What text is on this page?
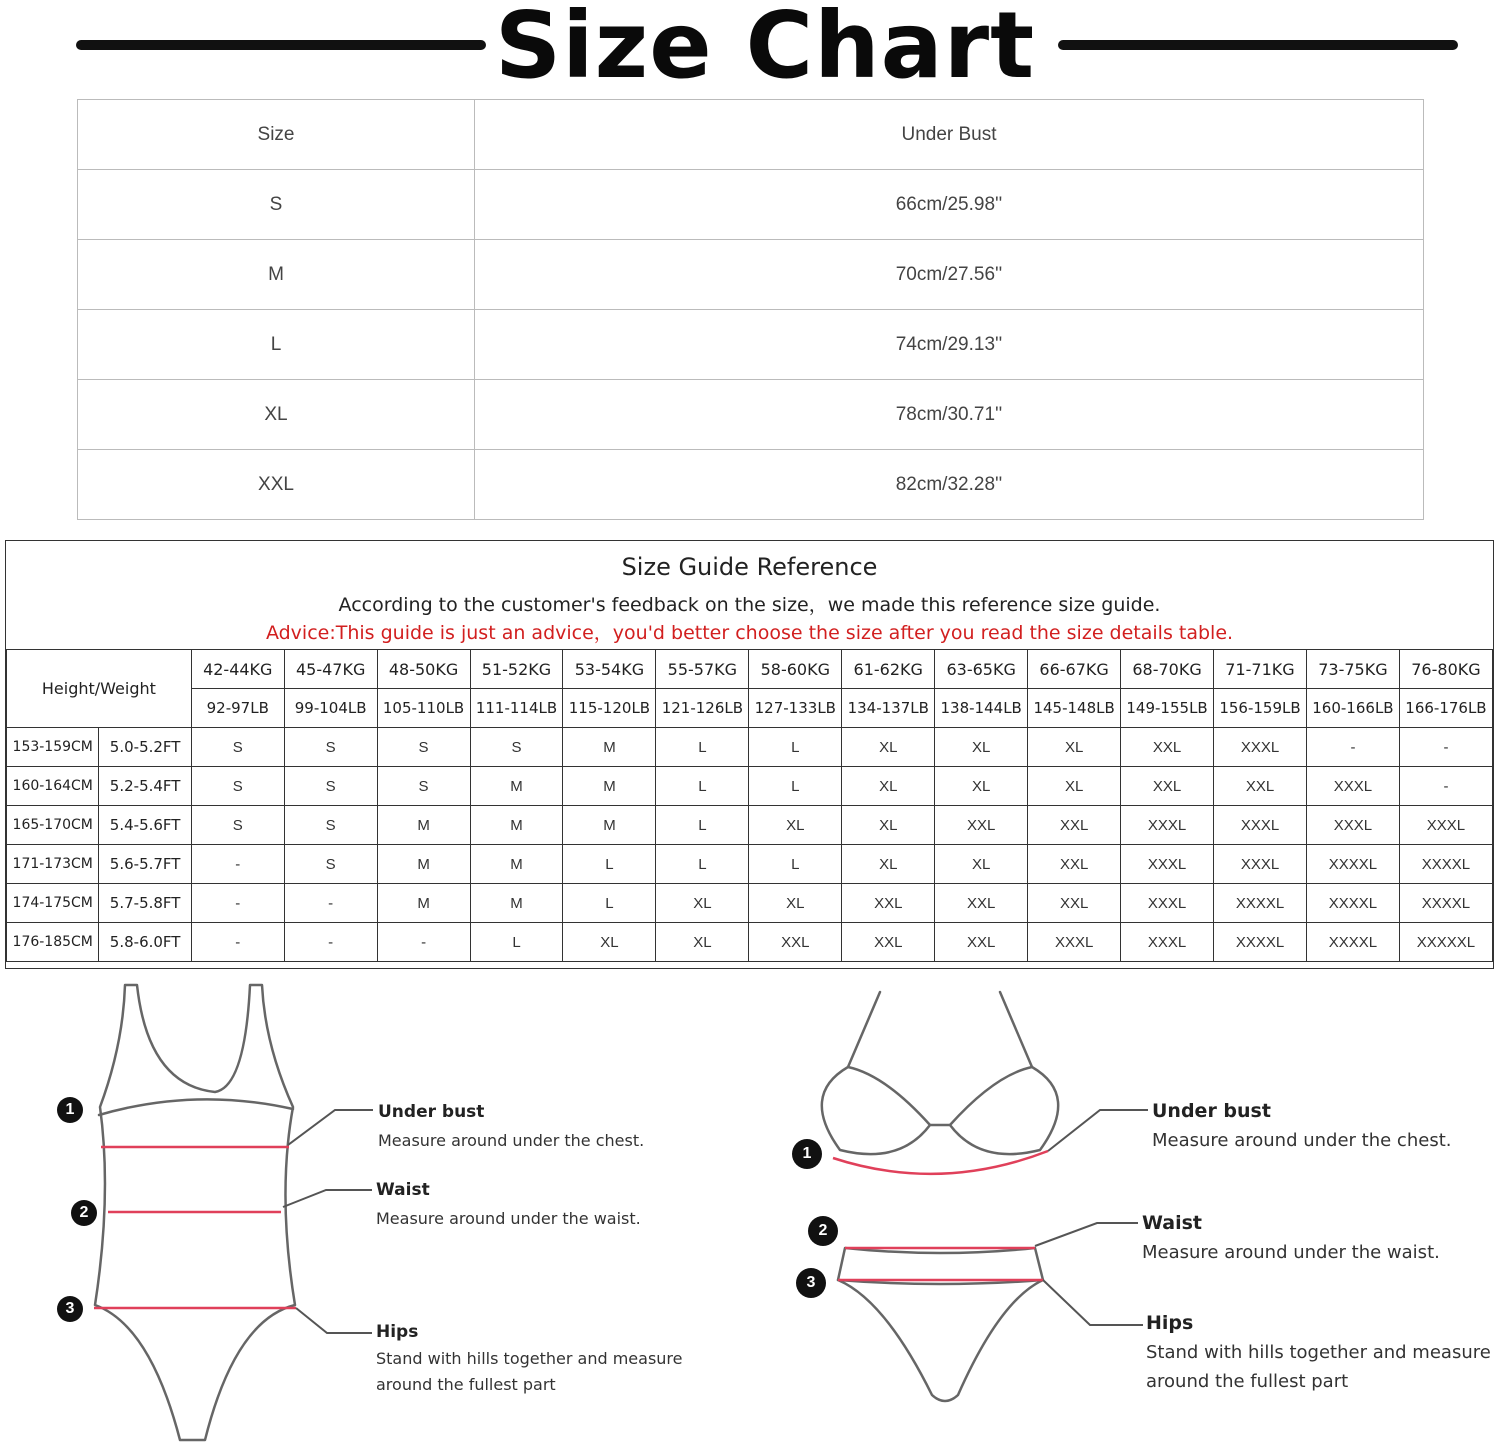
Size Chart
Size	Under Bust
S	66cm/25.98''
M	70cm/27.56''
L	74cm/29.13''
XL	78cm/30.71''
XXL	82cm/32.28''
Size Guide Reference
According to the customer's feedback on the size，we made this reference size guide.
Advice:This guide is just an advice，you'd better choose the size after you read the size details table.
Height/Weight		42-44KG	45-47KG	48-50KG	51-52KG	53-54KG	55-57KG	58-60KG	61-62KG	63-65KG	66-67KG	68-70KG	71-71KG	73-75KG	76-80KG
		92-97LB	99-104LB	105-110LB	111-114LB	115-120LB	121-126LB	127-133LB	134-137LB	138-144LB	145-148LB	149-155LB	156-159LB	160-166LB	166-176LB
153-159CM	5.0-5.2FT	S	S	S	S	M	L	L	XL	XL	XL	XXL	XXXL	-	-
160-164CM	5.2-5.4FT	S	S	S	M	M	L	L	XL	XL	XL	XXL	XXL	XXXL	-
165-170CM	5.4-5.6FT	S	S	M	M	M	L	XL	XL	XXL	XXL	XXXL	XXXL	XXXL	XXXL
171-173CM	5.6-5.7FT	-	S	M	M	L	L	L	XL	XL	XXL	XXXL	XXXL	XXXXL	XXXXL
174-175CM	5.7-5.8FT	-	-	M	M	L	XL	XL	XXL	XXL	XXL	XXXL	XXXXL	XXXXL	XXXXL
176-185CM	5.8-6.0FT	-	-	-	L	XL	XL	XXL	XXL	XXL	XXXL	XXXL	XXXXL	XXXXL	XXXXXL
1
2
3
1
2
3
Under bust
Measure around under the chest.
Waist
Measure around under the waist.
Hips
Stand with hills together and measure
around the fullest part
Under bust
Measure around under the chest.
Waist
Measure around under the waist.
Hips
Stand with hills together and measure
around the fullest part
